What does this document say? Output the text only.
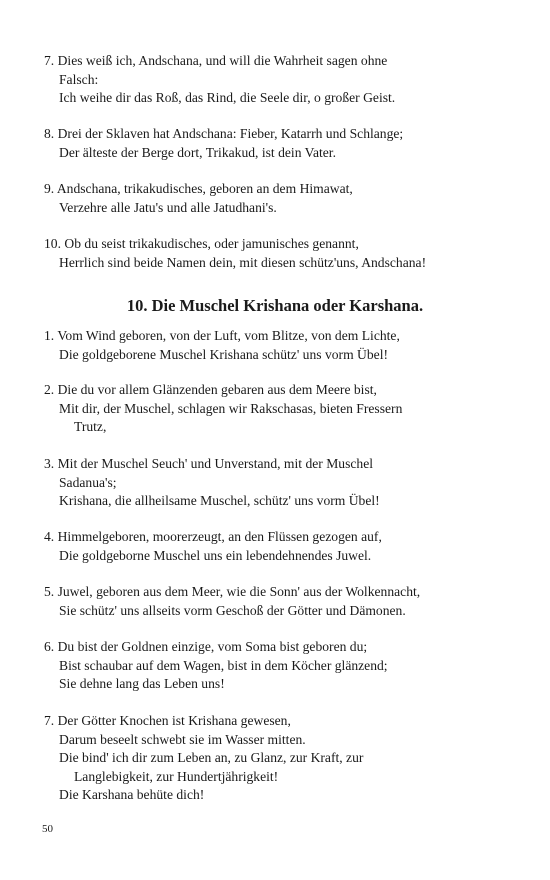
7. Dies weiß ich, Andschana, und will die Wahrheit sagen ohne
Falsch:
Ich weihe dir das Roß, das Rind, die Seele dir, o großer Geist.
8. Drei der Sklaven hat Andschana: Fieber, Katarrh und Schlange;
Der älteste der Berge dort, Trikakud, ist dein Vater.
9. Andschana, trikakudisches, geboren an dem Himawat,
Verzehre alle Jatu's und alle Jatudhani's.
10. Ob du seist trikakudisches, oder jamunisches genannt,
Herrlich sind beide Namen dein, mit diesen schütz'uns, Andschana!
10. Die Muschel Krishana oder Karshana.
1. Vom Wind geboren, von der Luft, vom Blitze, von dem Lichte,
Die goldgeborene Muschel Krishana schütz' uns vorm Übel!
2. Die du vor allem Glänzenden gebaren aus dem Meere bist,
Mit dir, der Muschel, schlagen wir Rakschasas, bieten Fressern
Trutz,
3. Mit der Muschel Seuch' und Unverstand, mit der Muschel
Sadanua's;
Krishana, die allheilsame Muschel, schütz' uns vorm Übel!
4. Himmelgeboren, moorerzeugt, an den Flüssen gezogen auf,
Die goldgeborne Muschel uns ein lebendehnendes Juwel.
5. Juwel, geboren aus dem Meer, wie die Sonn' aus der Wolkennacht,
Sie schütz' uns allseits vorm Geschoß der Götter und Dämonen.
6. Du bist der Goldnen einzige, vom Soma bist geboren du;
Bist schaubar auf dem Wagen, bist in dem Köcher glänzend;
Sie dehne lang das Leben uns!
7. Der Götter Knochen ist Krishana gewesen,
Darum beseelt schwebt sie im Wasser mitten.
Die bind' ich dir zum Leben an, zu Glanz, zur Kraft, zur
Langlebigkeit, zur Hundertjährigkeit!
Die Karshana behüte dich!
50
